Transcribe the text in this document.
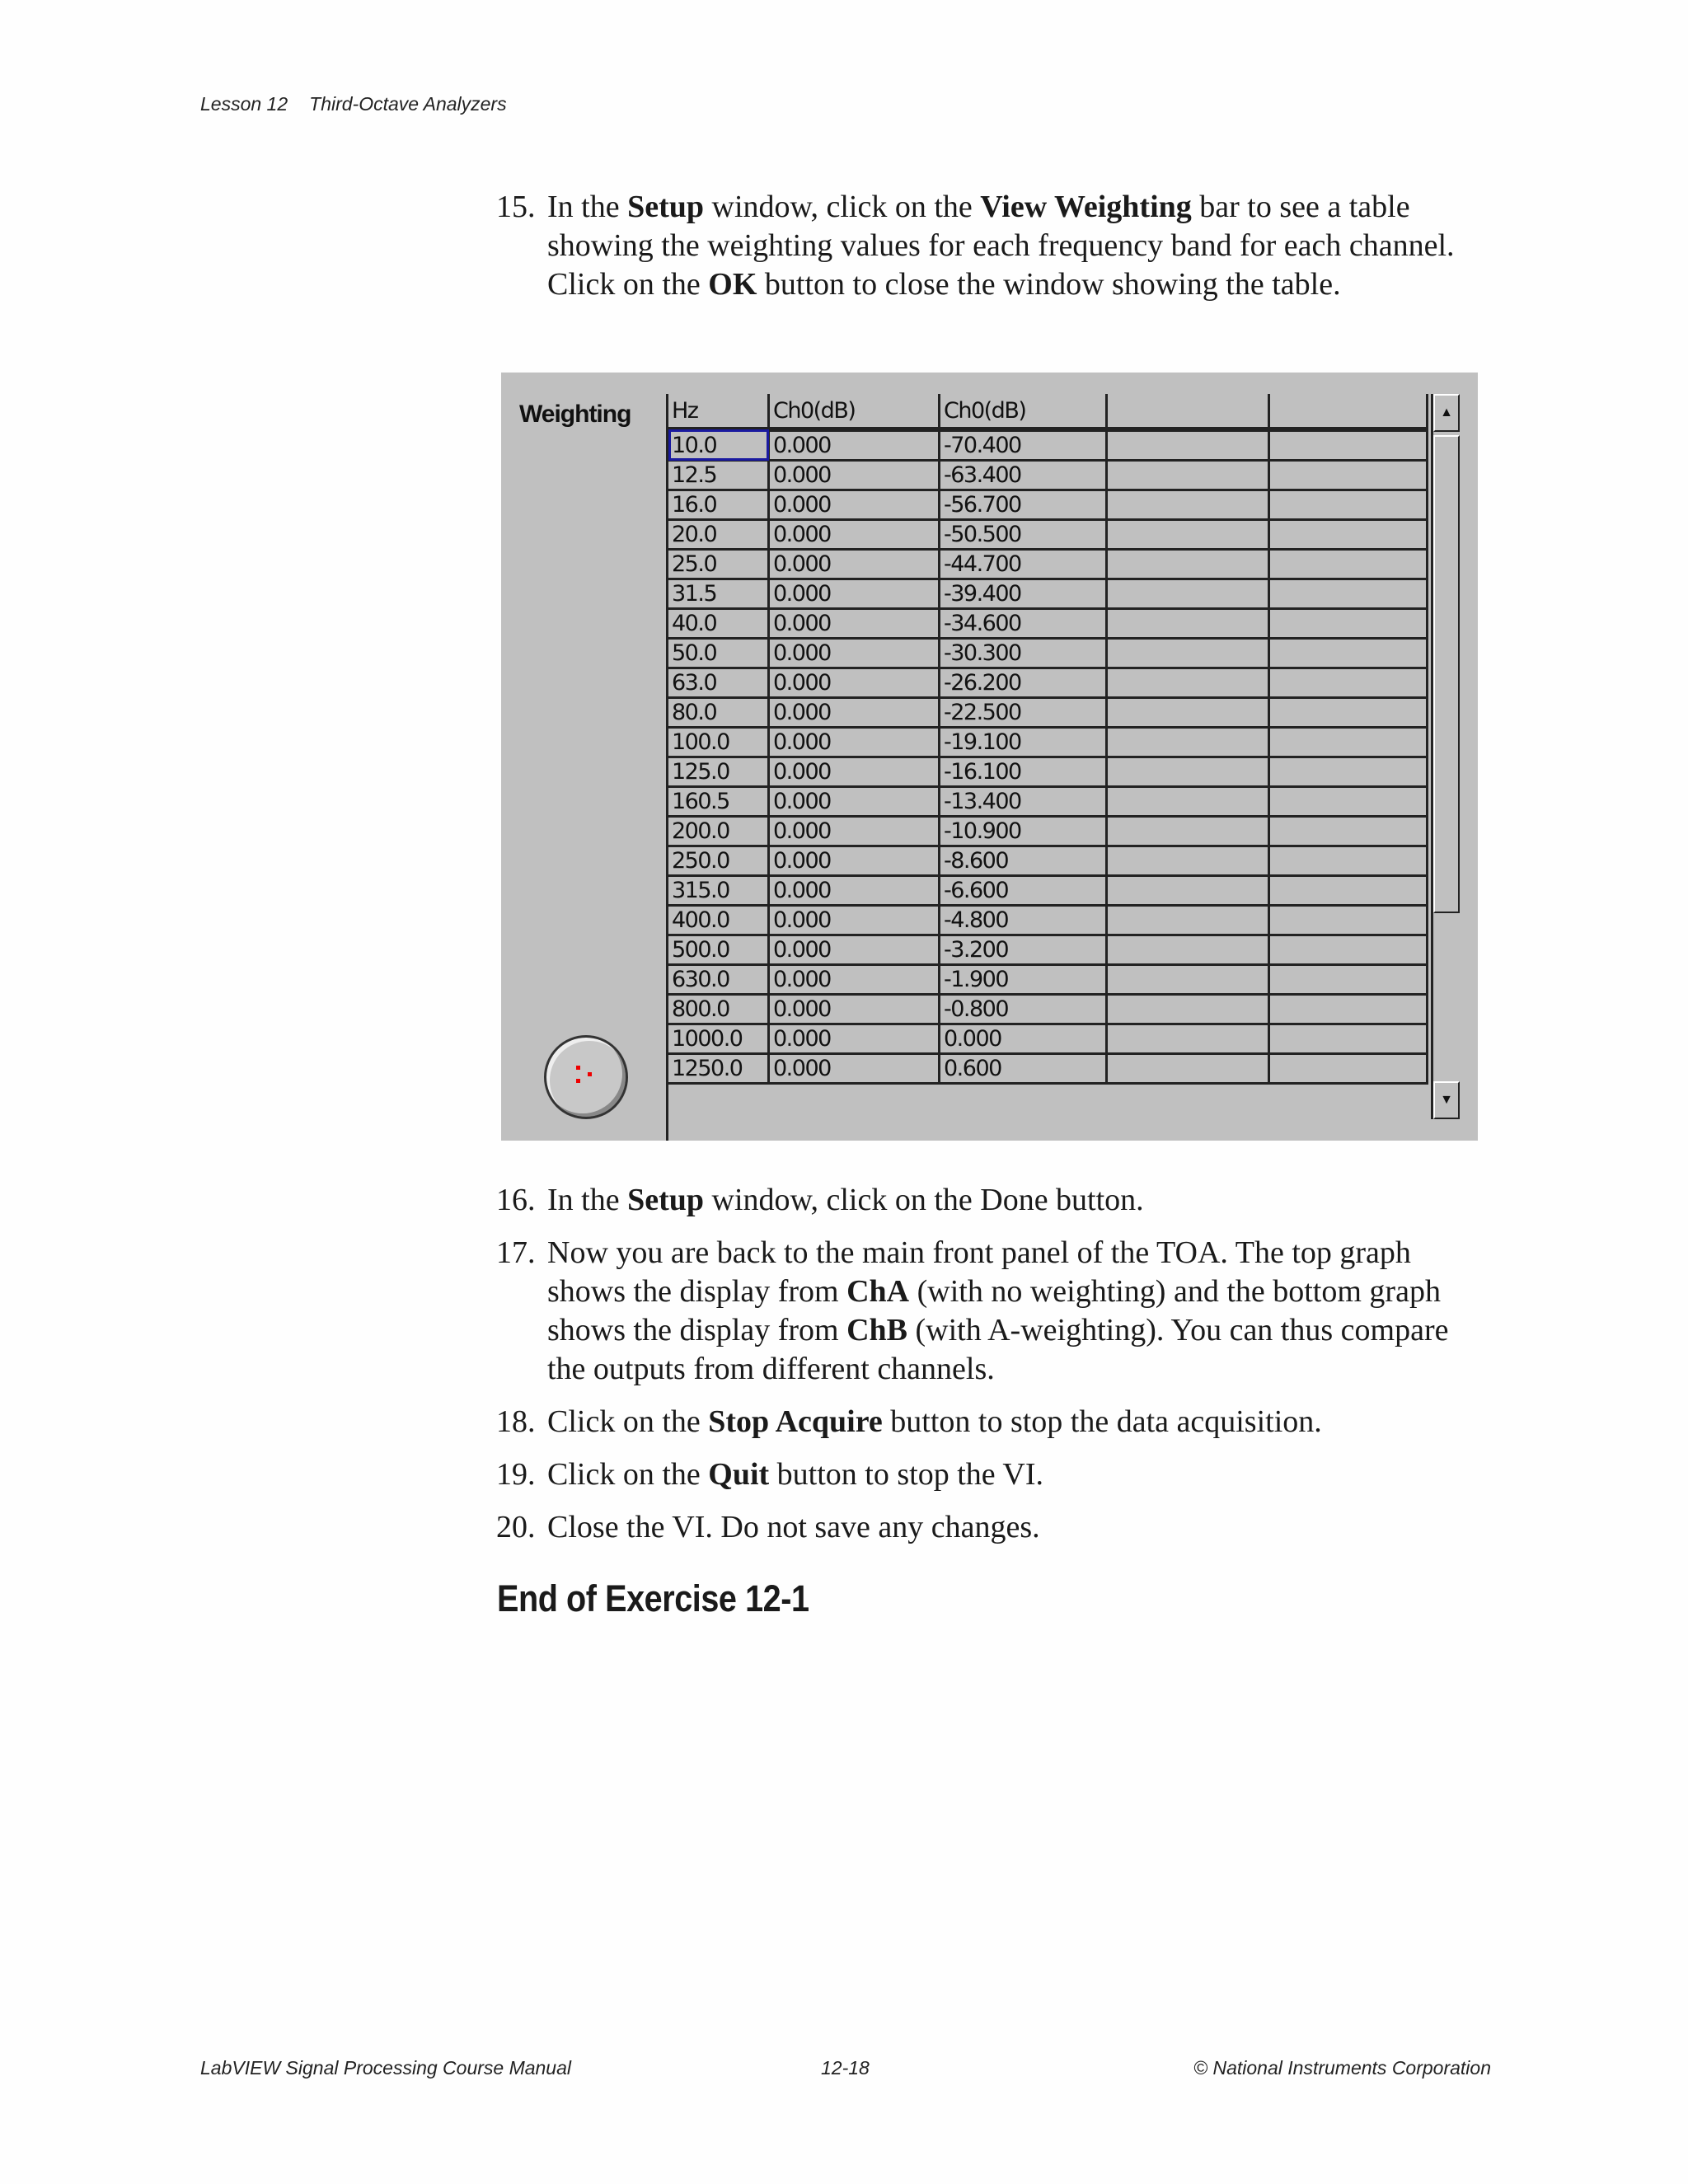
Lesson 12 Third-Octave Analyzers
15. In the Setup window, click on the View Weighting bar to see a table showing the weighting values for each frequency band for each channel. Click on the OK button to close the window showing the table.
Weighting Hz	Ch0(dB)	Ch0(dB)		
10.0	0.000	-70.400		
12.5	0.000	-63.400		
16.0	0.000	-56.700		
20.0	0.000	-50.500		
25.0	0.000	-44.700		
31.5	0.000	-39.400		
40.0	0.000	-34.600		
50.0	0.000	-30.300		
63.0	0.000	-26.200		
80.0	0.000	-22.500		
100.0	0.000	-19.100		
125.0	0.000	-16.100		
160.5	0.000	-13.400		
200.0	0.000	-10.900		
250.0	0.000	-8.600		
315.0	0.000	-6.600		
400.0	0.000	-4.800		
500.0	0.000	-3.200		
630.0	0.000	-1.900		
800.0	0.000	-0.800		
1000.0	0.000	0.000		
1250.0	0.000	0.600		
▲
▼
16. In the Setup window, click on the Done button.
17. Now you are back to the main front panel of the TOA. The top graph shows the display from ChA (with no weighting) and the bottom graph shows the display from ChB (with A-weighting). You can thus compare the outputs from different channels.
18. Click on the Stop Acquire button to stop the data acquisition.
19. Click on the Quit button to stop the VI.
20. Close the VI. Do not save any changes.
End of Exercise 12-1
LabVIEW Signal Processing Course Manual	12-18	© National Instruments Corporation
